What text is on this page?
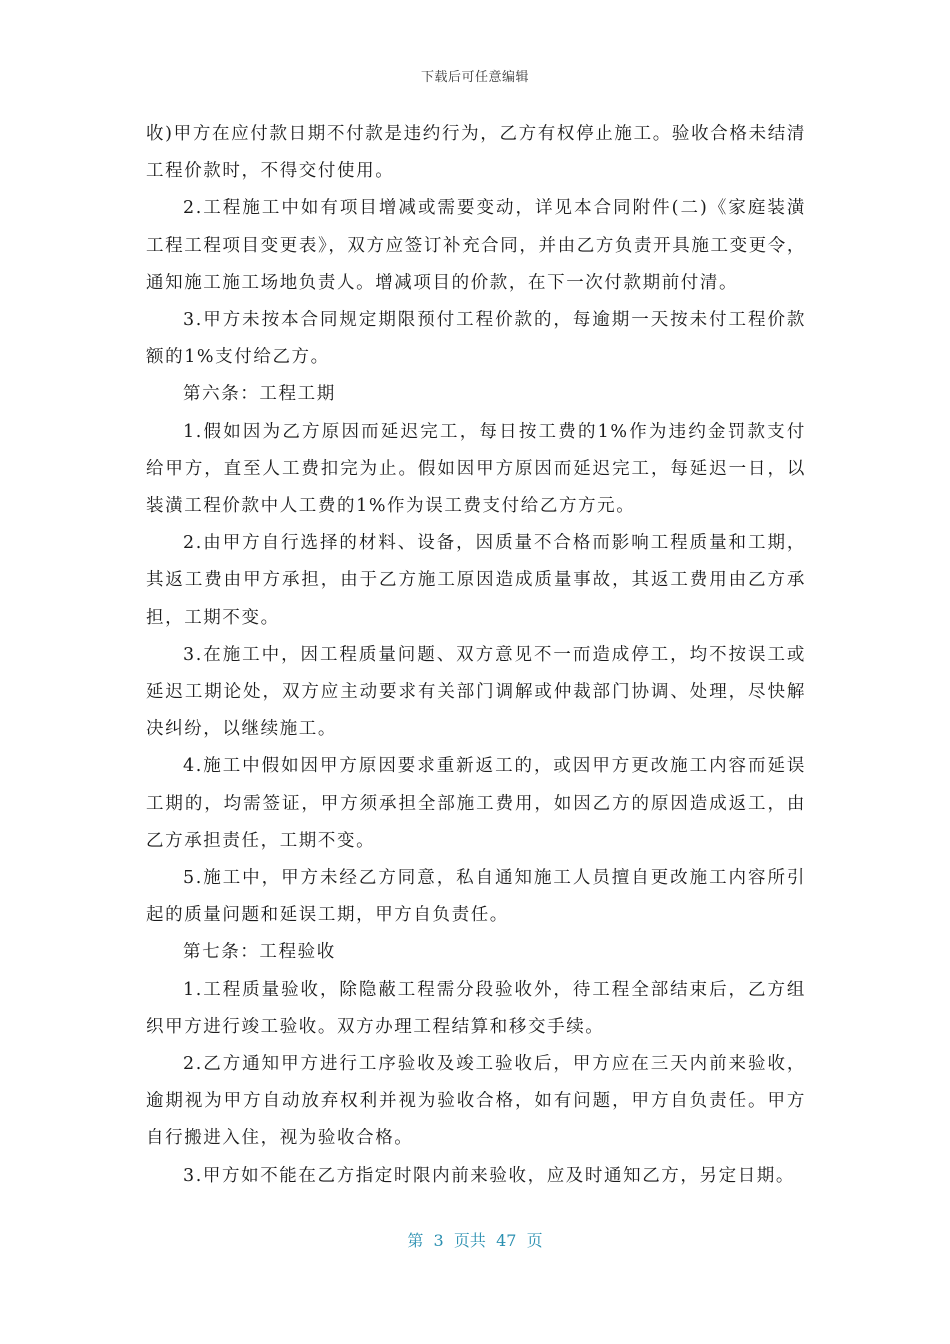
下载后可任意编辑

收)甲方在应付款日期不付款是违约行为，乙方有权停止施工。验收合格未结清工程价款时，不得交付使用。

2.工程施工中如有项目增减或需要变动，详见本合同附件(二)《家庭装潢工程工程项目变更表》，双方应签订补充合同，并由乙方负责开具施工变更令，通知施工施工场地负责人。增减项目的价款，在下一次付款期前付清。

3.甲方未按本合同规定期限预付工程价款的，每逾期一天按未付工程价款额的1%支付给乙方。

第六条：工程工期

1.假如因为乙方原因而延迟完工，每日按工费的1%作为违约金罚款支付给甲方，直至人工费扣完为止。假如因甲方原因而延迟完工，每延迟一日，以装潢工程价款中人工费的1%作为误工费支付给乙方方元。

2.由甲方自行选择的材料、设备，因质量不合格而影响工程质量和工期，其返工费由甲方承担，由于乙方施工原因造成质量事故，其返工费用由乙方承担，工期不变。

3.在施工中，因工程质量问题、双方意见不一而造成停工，均不按误工或延迟工期论处，双方应主动要求有关部门调解或仲裁部门协调、处理，尽快解决纠纷，以继续施工。

4.施工中假如因甲方原因要求重新返工的，或因甲方更改施工内容而延误工期的，均需签证，甲方须承担全部施工费用，如因乙方的原因造成返工，由乙方承担责任，工期不变。

5.施工中，甲方未经乙方同意，私自通知施工人员擅自更改施工内容所引起的质量问题和延误工期，甲方自负责任。

第七条：工程验收

1.工程质量验收，除隐蔽工程需分段验收外，待工程全部结束后，乙方组织甲方进行竣工验收。双方办理工程结算和移交手续。

2.乙方通知甲方进行工序验收及竣工验收后，甲方应在三天内前来验收，逾期视为甲方自动放弃权利并视为验收合格，如有问题，甲方自负责任。甲方自行搬进入住，视为验收合格。

3.甲方如不能在乙方指定时限内前来验收，应及时通知乙方，另定日期。

第  3  页共  47  页
